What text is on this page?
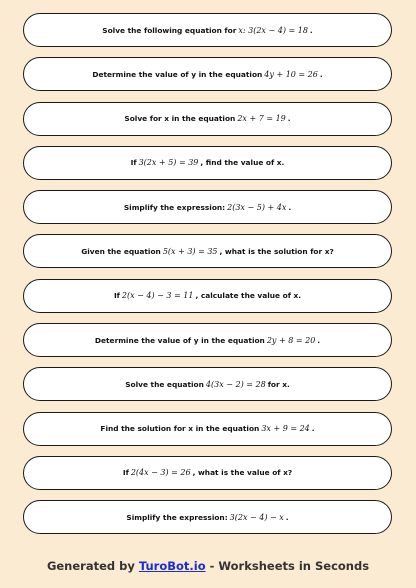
Solve the following equation for x: 3(2x − 4) = 18 .
Determine the value of y in the equation 4y + 10 = 26 .
Solve for x in the equation 2x + 7 = 19 .
If 3(2x + 5) = 39 , find the value of x.
Simplify the expression: 2(3x − 5) + 4x .
Given the equation 5(x + 3) = 35 , what is the solution for x?
If 2(x − 4) − 3 = 11 , calculate the value of x.
Determine the value of y in the equation 2y + 8 = 20 .
Solve the equation 4(3x − 2) = 28 for x.
Find the solution for x in the equation 3x + 9 = 24 .
If 2(4x − 3) = 26 , what is the value of x?
Simplify the expression: 3(2x − 4) − x .
Generated by TuroBot.io - Worksheets in Seconds
